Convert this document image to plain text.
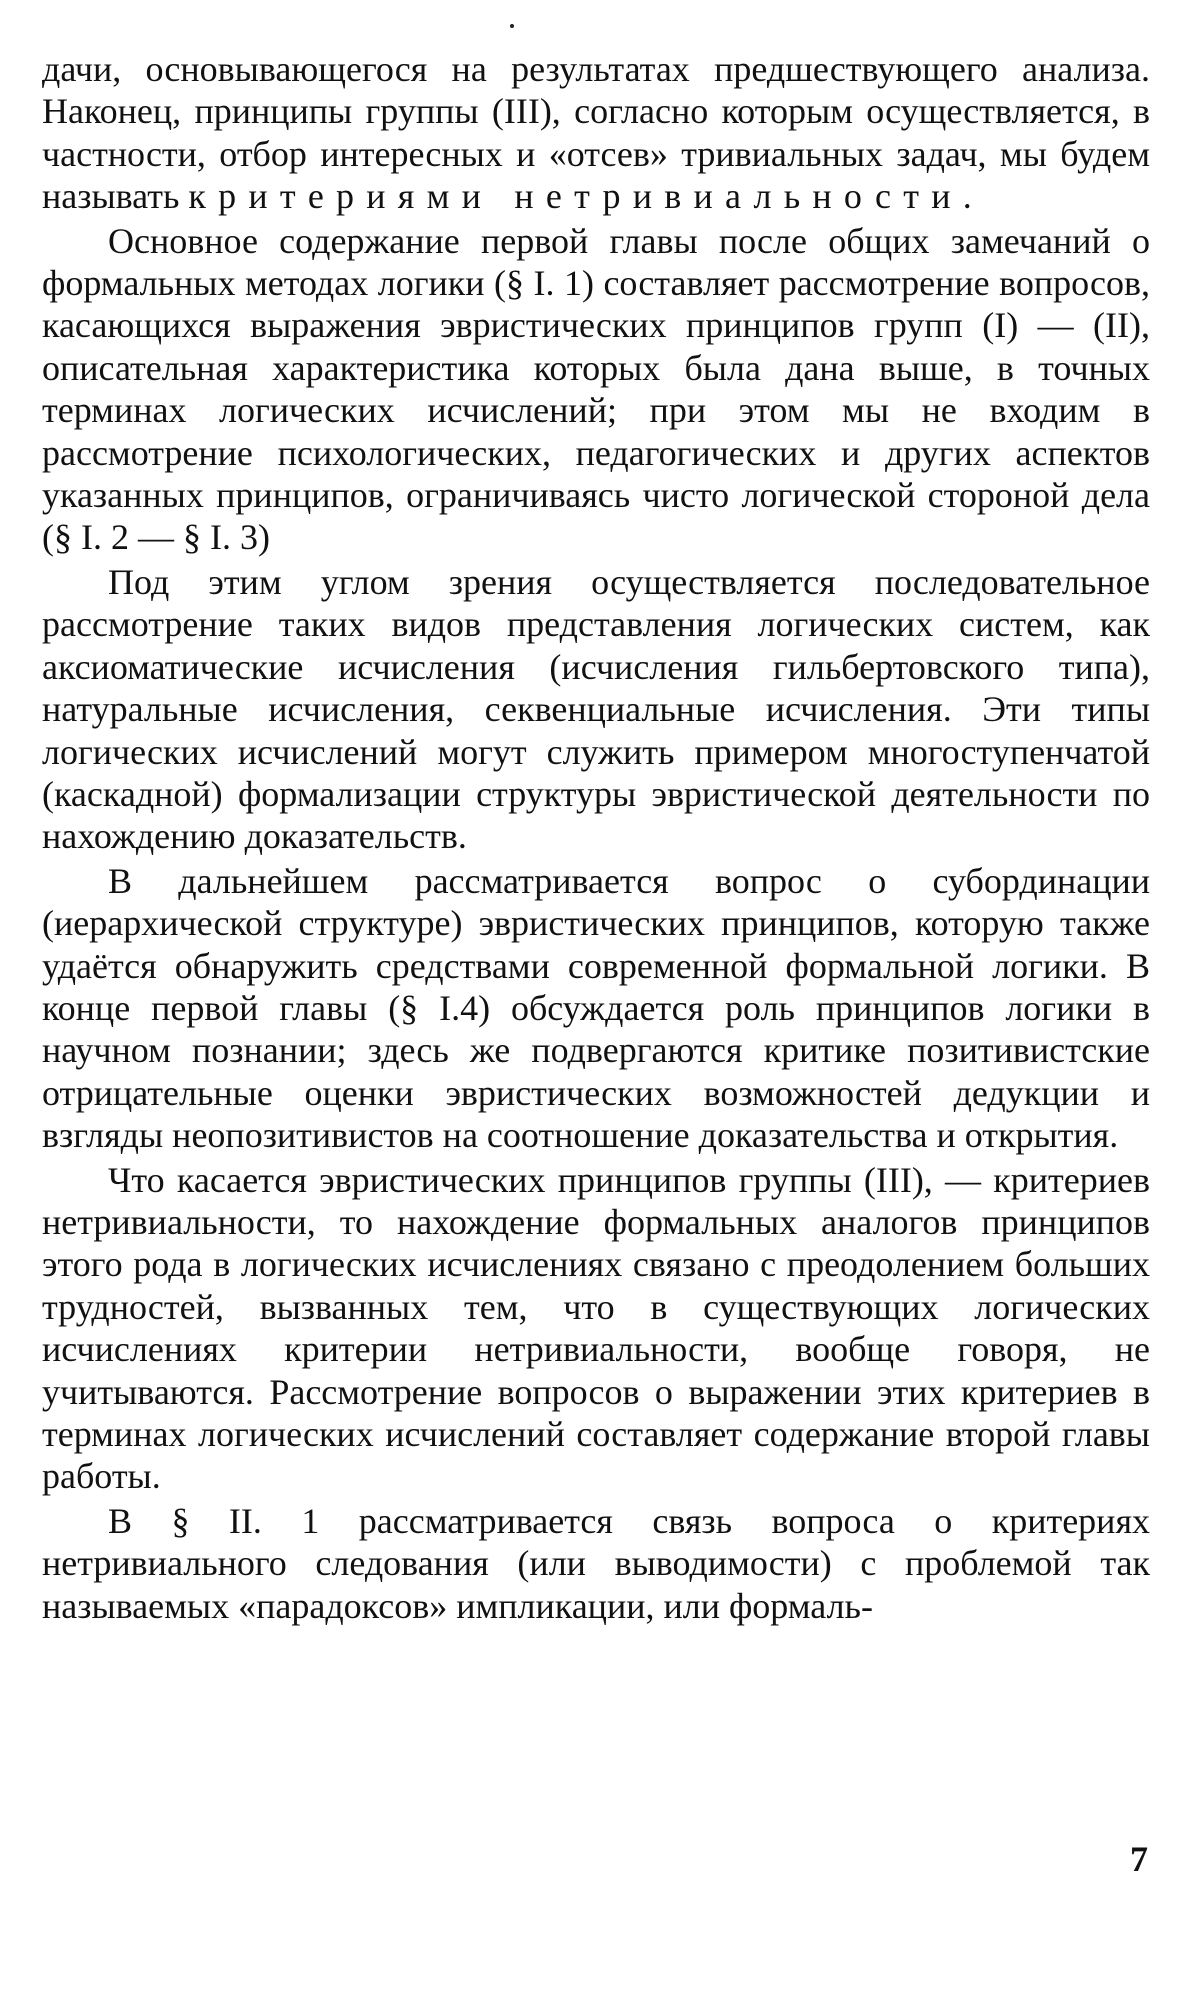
дачи, основывающегося на результатах предшествующего анализа. Наконец, принципы группы (III), согласно которым осуществляется, в частности, отбор интересных и «отсев» тривиальных задач, мы будем называть критериями нетривиальности.

Основное содержание первой главы после общих замечаний о формальных методах логики (§ I. 1) составляет рассмотрение вопросов, касающихся выражения эвристических принципов групп (I) — (II), описательная характеристика которых была дана выше, в точных терминах логических исчислений; при этом мы не входим в рассмотрение психологических, педагогических и других аспектов указанных принципов, ограничиваясь чисто логической стороной дела (§ I. 2 — § I. 3)

Под этим углом зрения осуществляется последовательное рассмотрение таких видов представления логических систем, как аксиоматические исчисления (исчисления гильбертовского типа), натуральные исчисления, секвенциальные исчисления. Эти типы логических исчислений могут служить примером многоступенчатой (каскадной) формализации структуры эвристической деятельности по нахождению доказательств.

В дальнейшем рассматривается вопрос о субординации (иерархической структуре) эвристических принципов, которую также удаётся обнаружить средствами современной формальной логики. В конце первой главы (§ I.4) обсуждается роль принципов логики в научном познании; здесь же подвергаются критике позитивистские отрицательные оценки эвристических возможностей дедукции и взгляды неопозитивистов на соотношение доказательства и открытия.

Что касается эвристических принципов группы (III), — критериев нетривиальности, то нахождение формальных аналогов принципов этого рода в логических исчислениях связано с преодолением больших трудностей, вызванных тем, что в существующих логических исчислениях критерии нетривиальности, вообще говоря, не учитываются. Рассмотрение вопросов о выражении этих критериев в терминах логических исчислений составляет содержание второй главы работы.

В § II. 1 рассматривается связь вопроса о критериях нетривиального следования (или выводимости) с проблемой так называемых «парадоксов» импликации, или формаль-

7
